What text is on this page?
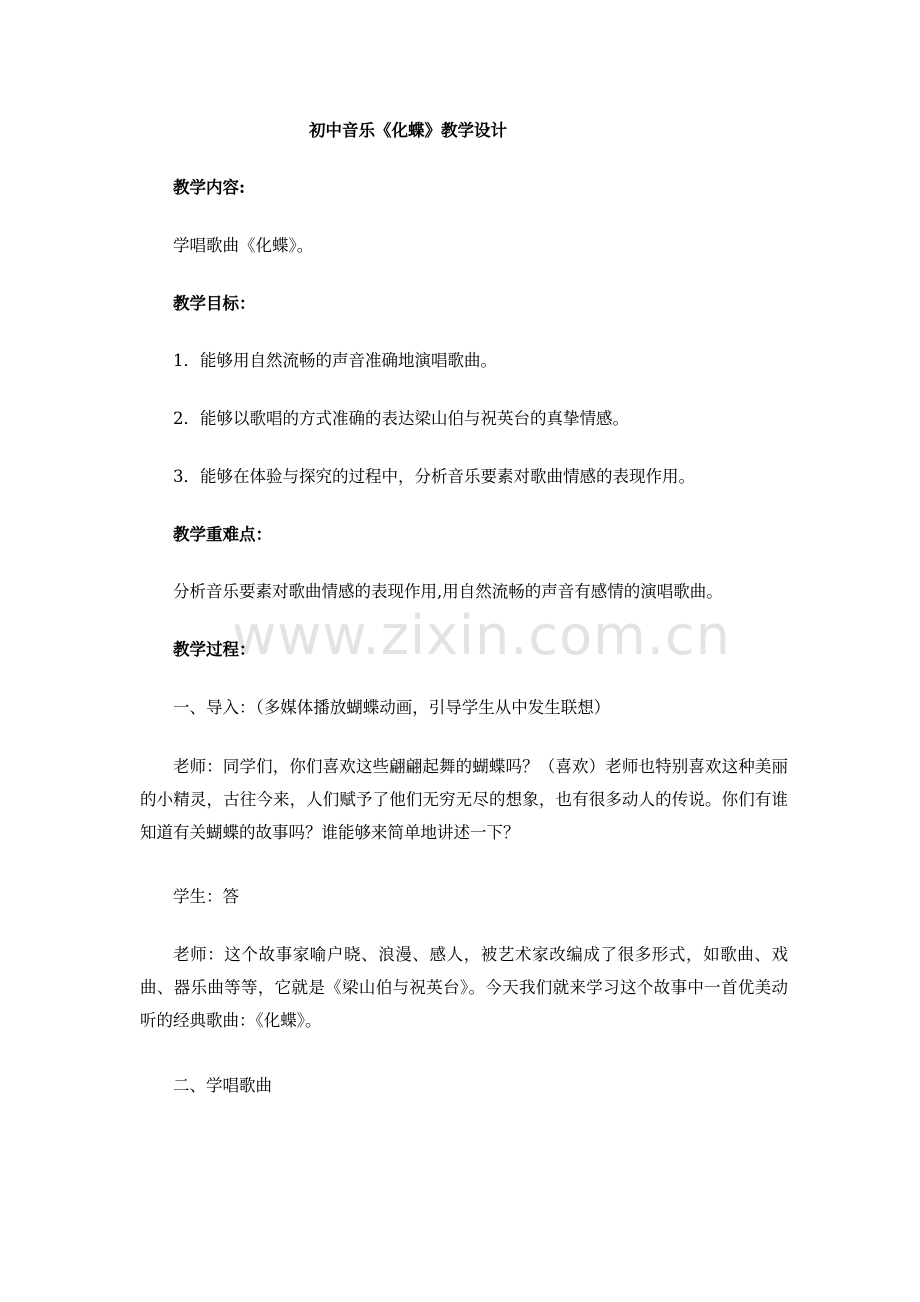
初中音乐《化蝶》教学设计
教学内容:
学唱歌曲《化蝶》。
教学目标：
1．能够用自然流畅的声音准确地演唱歌曲。
2．能够以歌唱的方式准确的表达梁山伯与祝英台的真挚情感。
3．能够在体验与探究的过程中，分析音乐要素对歌曲情感的表现作用。
教学重难点：
分析音乐要素对歌曲情感的表现作用,用自然流畅的声音有感情的演唱歌曲。
www.zixin.com.cn
教学过程：
一、导入：（多媒体播放蝴蝶动画，引导学生从中发生联想）
老师：同学们，你们喜欢这些翩翩起舞的蝴蝶吗？（喜欢）老师也特别喜欢这种美丽的小精灵，古往今来，人们赋予了他们无穷无尽的想象，也有很多动人的传说。你们有谁知道有关蝴蝶的故事吗？谁能够来简单地讲述一下？
学生：答
老师：这个故事家喻户晓、浪漫、感人，被艺术家改编成了很多形式，如歌曲、戏曲、器乐曲等等，它就是《梁山伯与祝英台》。今天我们就来学习这个故事中一首优美动听的经典歌曲：《化蝶》。
二、学唱歌曲
